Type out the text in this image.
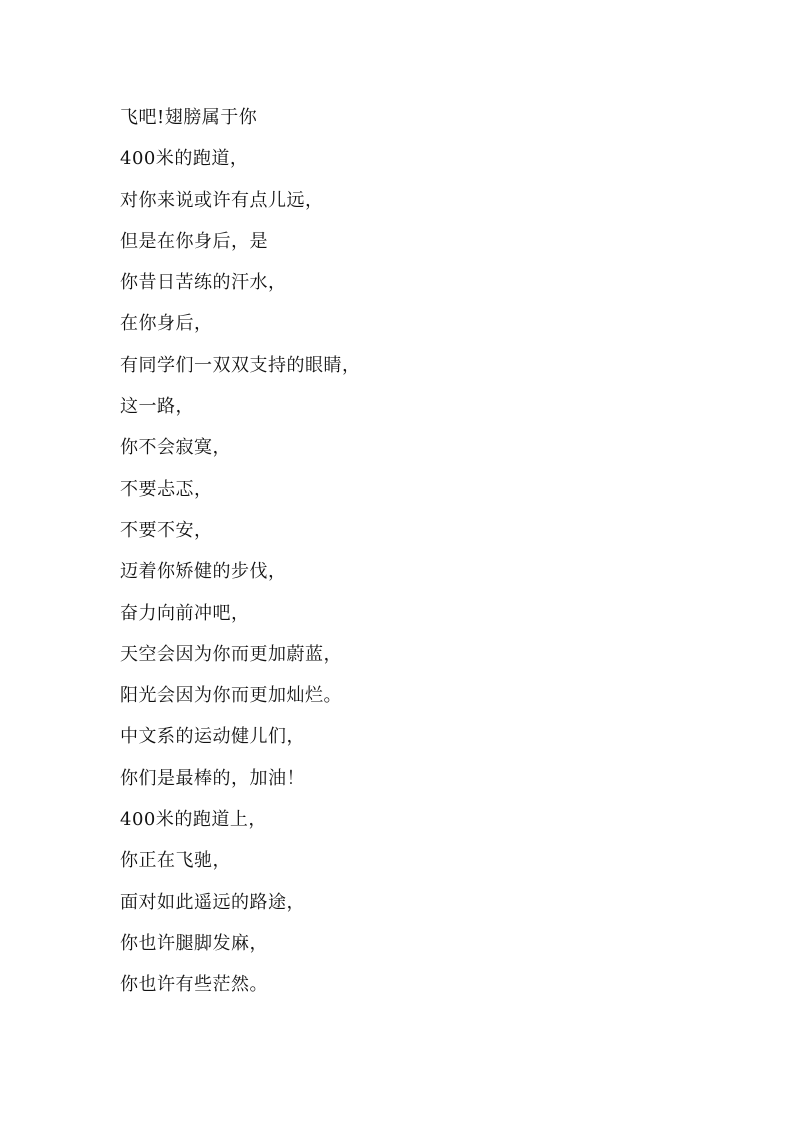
飞吧!翅膀属于你
400米的跑道，
对你来说或许有点儿远，
但是在你身后，是
你昔日苦练的汗水，
在你身后，
有同学们一双双支持的眼睛，
这一路，
你不会寂寞，
不要忐忑，
不要不安，
迈着你矫健的步伐，
奋力向前冲吧，
天空会因为你而更加蔚蓝，
阳光会因为你而更加灿烂。
中文系的运动健儿们，
你们是最棒的，加油！
400米的跑道上，
你正在飞驰，
面对如此遥远的路途，
你也许腿脚发麻，
你也许有些茫然。
